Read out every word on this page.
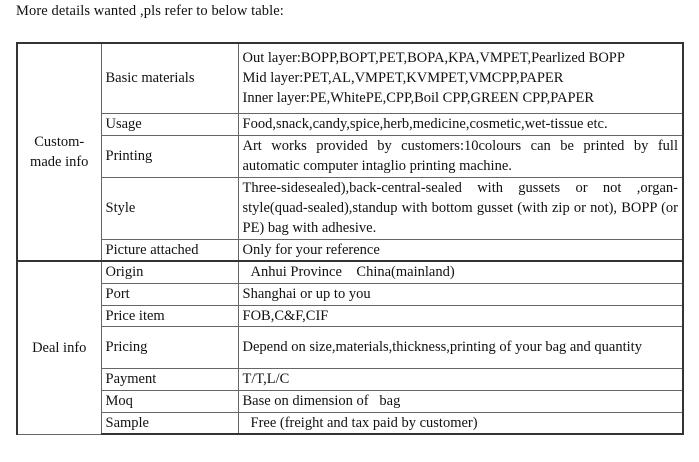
More details wanted ,pls refer to below table:
Custom-
made info	Basic materials	Out layer:BOPP,BOPT,PET,BOPA,KPA,VMPET,Pearlized BOPP
Mid layer:PET,AL,VMPET,KVMPET,VMCPP,PAPER
Inner layer:PE,WhitePE,CPP,Boil CPP,GREEN CPP,PAPER

	Usage	Food,snack,candy,spice,herb,medicine,cosmetic,wet-tissue etc.
	Printing	Art works provided by customers:10colours can be printed by full automatic computer intaglio printing machine.
	Style	Three-sidesealed),back-central-sealed with gussets or not ,organ-style(quad-sealed),standup with bottom gusset (with zip or not), BOPP (or PE) bag with adhesive.
	Picture attached	Only for your reference
Deal info	Origin	Anhui Province    China(mainland)
	Port	Shanghai or up to you
	Price item	FOB,C&F,CIF
	Pricing	Depend on size,materials,thickness,printing of your bag and quantity
	Payment	T/T,L/C
	Moq	Base on dimension of   bag
	Sample	Free (freight and tax paid by customer)
